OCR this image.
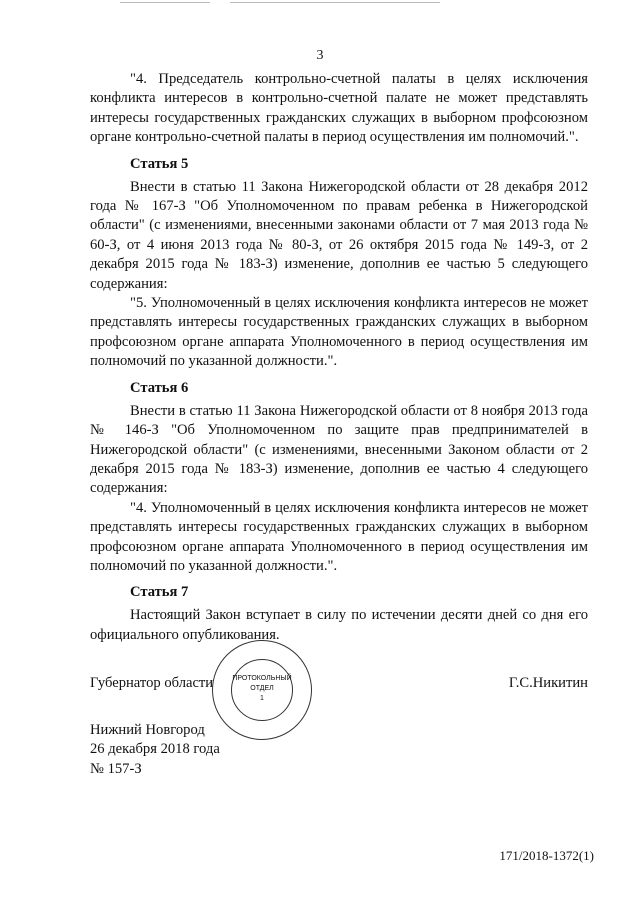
3

"4. Председатель контрольно-счетной палаты в целях исключения конфликта интересов в контрольно-счетной палате не может представлять интересы государственных гражданских служащих в выборном профсоюзном органе контрольно-счетной палаты в период осуществления им полномочий.".

Статья 5

Внести в статью 11 Закона Нижегородской области от 28 декабря 2012 года № 167-З "Об Уполномоченном по правам ребенка в Нижегородской области" (с изменениями, внесенными законами области от 7 мая 2013 года № 60-З, от 4 июня 2013 года № 80-З, от 26 октября 2015 года № 149-З, от 2 декабря 2015 года № 183-З) изменение, дополнив ее частью 5 следующего содержания:

"5. Уполномоченный в целях исключения конфликта интересов не может представлять интересы государственных гражданских служащих в выборном профсоюзном органе аппарата Уполномоченного в период осуществления им полномочий по указанной должности.".

Статья 6

Внести в статью 11 Закона Нижегородской области от 8 ноября 2013 года № 146-З "Об Уполномоченном по защите прав предпринимателей в Нижегородской области" (с изменениями, внесенными Законом области от 2 декабря 2015 года № 183-З) изменение, дополнив ее частью 4 следующего содержания:

"4. Уполномоченный в целях исключения конфликта интересов не может представлять интересы государственных гражданских служащих в выборном профсоюзном органе аппарата Уполномоченного в период осуществления им полномочий по указанной должности.".

Статья 7

Настоящий Закон вступает в силу по истечении десяти дней со дня его официального опубликования.

ПРОТОКОЛЬНЫЙ
ОТДЕЛ
1
Губернатор области	Г.С.Никитин
Нижний Новгород
26 декабря 2018 года
№ 157-З
171/2018-1372(1)
